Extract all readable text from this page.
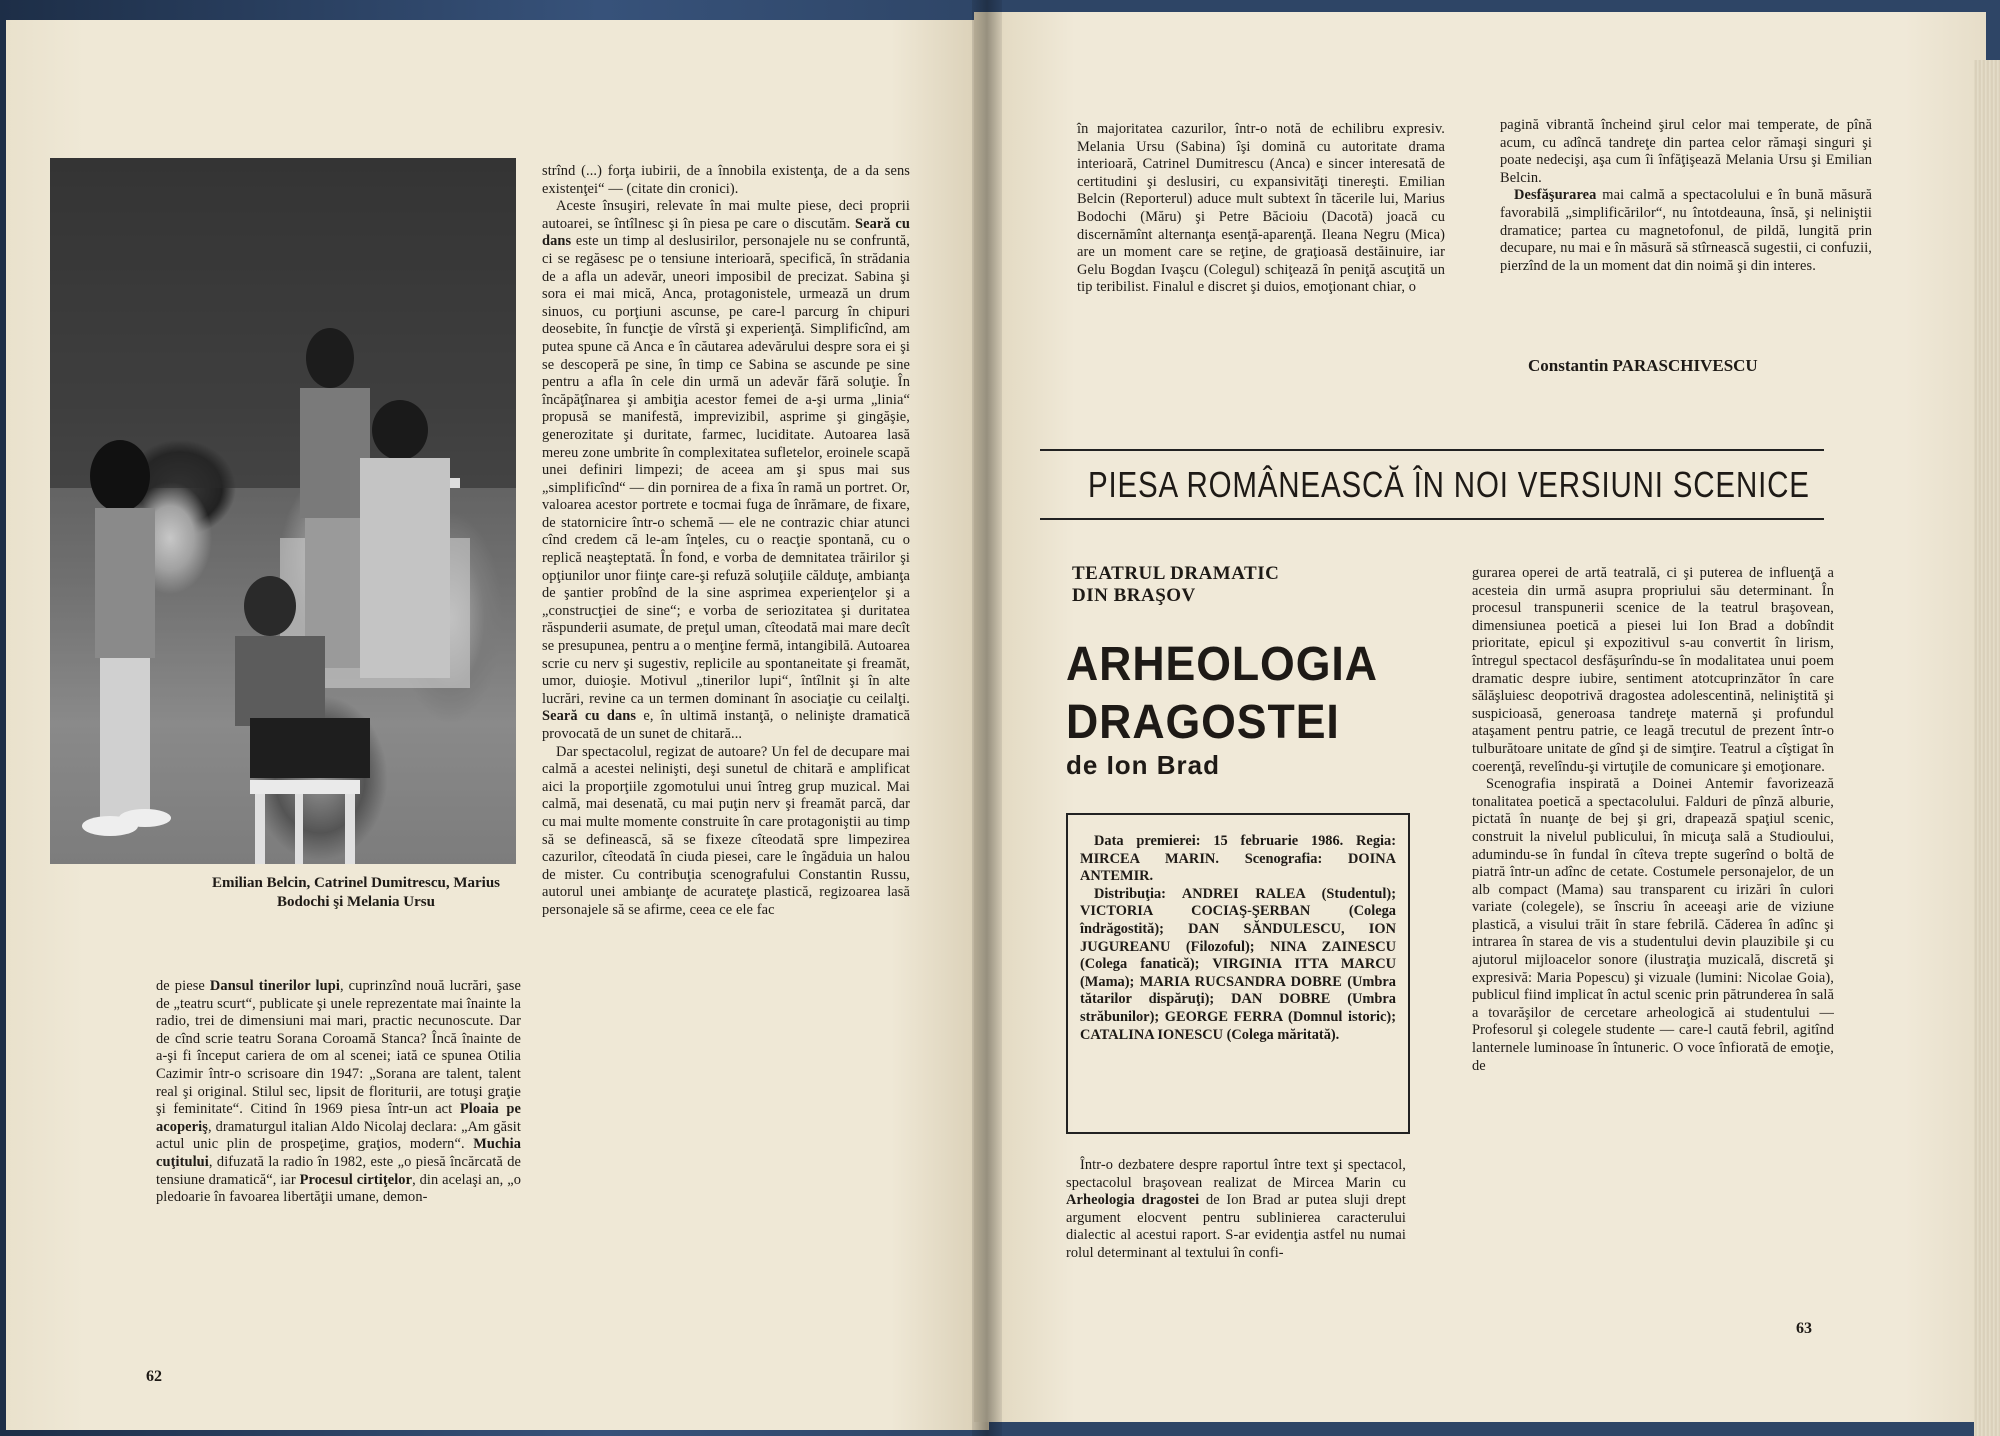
Emilian Belcin, Catrinel Dumitrescu, Marius Bodochi şi Melania Ursu

de piese Dansul tinerilor lupi, cuprinzînd nouă lucrări, şase de „teatru scurt“, publicate şi unele reprezentate mai înainte la radio, trei de dimensiuni mai mari, practic necunoscute. Dar de cînd scrie teatru Sorana Coroamă Stanca? Încă înainte de a-şi fi început cariera de om al scenei; iată ce spunea Otilia Cazimir într-o scrisoare din 1947: „Sorana are talent, talent real şi original. Stilul sec, lipsit de floriturii, are totuşi graţie şi feminitate“. Citind în 1969 piesa într-un act Ploaia pe acoperiş, dramaturgul italian Aldo Nicolaj declara: „Am găsit actul unic plin de prospeţime, graţios, modern“. Muchia cuţitului, difuzată la radio în 1982, este „o piesă încărcată de tensiune dramatică“, iar Procesul cirtiţelor, din acelaşi an, „o pledoarie în favoarea libertăţii umane, demon-

strînd (...) forţa iubirii, de a înnobila existenţa, de a da sens existenţei“ — (citate din cronici).

Aceste însuşiri, relevate în mai multe piese, deci proprii autoarei, se întîlnesc şi în piesa pe care o discutăm. Seară cu dans este un timp al deslusirilor, personajele nu se confruntă, ci se regăsesc pe o tensiune interioară, specifică, în strădania de a afla un adevăr, uneori imposibil de precizat. Sabina şi sora ei mai mică, Anca, protagonistele, urmează un drum sinuos, cu porţiuni ascunse, pe care-l parcurg în chipuri deosebite, în funcţie de vîrstă şi experienţă. Simplificînd, am putea spune că Anca e în căutarea adevărului despre sora ei şi se descoperă pe sine, în timp ce Sabina se ascunde pe sine pentru a afla în cele din urmă un adevăr fără soluţie. În încăpăţînarea şi ambiţia acestor femei de a-şi urma „linia“ propusă se manifestă, imprevizibil, asprime şi gingăşie, generozitate şi duritate, farmec, luciditate. Autoarea lasă mereu zone umbrite în complexitatea sufletelor, eroinele scapă unei definiri limpezi; de aceea am şi spus mai sus „simplificînd“ — din pornirea de a fixa în ramă un portret. Or, valoarea acestor portrete e tocmai fuga de înrămare, de fixare, de statornicire într-o schemă — ele ne contrazic chiar atunci cînd credem că le-am înţeles, cu o reacţie spontană, cu o replică neaşteptată. În fond, e vorba de demnitatea trăirilor şi opţiunilor unor fiinţe care-şi refuză soluţiile călduţe, ambianţa de şantier probînd de la sine asprimea experienţelor şi a „construcţiei de sine“; e vorba de seriozitatea şi duritatea răspunderii asumate, de preţul uman, cîteodată mai mare decît se presupunea, pentru a o menţine fermă, intangibilă. Autoarea scrie cu nerv şi sugestiv, replicile au spontaneitate şi freamăt, umor, duioşie. Motivul „tinerilor lupi“, întîlnit şi în alte lucrări, revine ca un termen dominant în asociaţie cu ceilalţi. Seară cu dans e, în ultimă instanţă, o nelinişte dramatică provocată de un sunet de chitară...

Dar spectacolul, regizat de autoare? Un fel de decupare mai calmă a acestei nelinişti, deşi sunetul de chitară e amplificat aici la proporţiile zgomotului unui întreg grup muzical. Mai calmă, mai desenată, cu mai puţin nerv şi freamăt parcă, dar cu mai multe momente construite în care protagoniştii au timp să se definească, să se fixeze cîteodată spre limpezirea cazurilor, cîteodată în ciuda piesei, care le îngăduia un halou de mister. Cu contribuţia scenografului Constantin Russu, autorul unei ambianţe de acurateţe plastică, regizoarea lasă personajele să se afirme, ceea ce ele fac

62

în majoritatea cazurilor, într-o notă de echilibru expresiv. Melania Ursu (Sabina) îşi domină cu autoritate drama interioară, Catrinel Dumitrescu (Anca) e sincer interesată de certitudini şi deslusiri, cu expansivităţi tinereşti. Emilian Belcin (Reporterul) aduce mult subtext în tăcerile lui, Marius Bodochi (Măru) şi Petre Băcioiu (Dacotă) joacă cu discernămînt alternanţa esenţă-aparenţă. Ileana Negru (Mica) are un moment care se reţine, de graţioasă destăinuire, iar Gelu Bogdan Ivaşcu (Colegul) schiţează în peniţă ascuţită un tip teribilist. Finalul e discret şi duios, emoţionant chiar, o

pagină vibrantă încheind şirul celor mai temperate, de pînă acum, cu adîncă tandreţe din partea celor rămaşi singuri şi poate nedecişi, aşa cum îi înfăţişează Melania Ursu şi Emilian Belcin.

Desfăşurarea mai calmă a spectacolului e în bună măsură favorabilă „simplificărilor“, nu întotdeauna, însă, şi neliniştii dramatice; partea cu magnetofonul, de pildă, lungită prin decupare, nu mai e în măsură să stîrnească sugestii, ci confuzii, pierzînd de la un moment dat din noimă şi din interes.

Constantin PARASCHIVESCU
PIESA ROMÂNEASCĂ ÎN NOI VERSIUNI SCENICE
TEATRUL DRAMATIC
DIN BRAŞOV
ARHEOLOGIA
DRAGOSTEI
de Ion Brad

Data premierei: 15 februarie 1986. Regia: MIRCEA MARIN. Scenografia: DOINA ANTEMIR.

Distribuţia: ANDREI RALEA (Studentul); VICTORIA COCIAŞ-ŞERBAN (Colega îndrăgostită); DAN SĂNDULESCU, ION JUGUREANU (Filozoful); NINA ZAINESCU (Colega fanatică); VIRGINIA ITTA MARCU (Mama); MARIA RUCSANDRA DOBRE (Umbra tătarilor dispăruţi); DAN DOBRE (Umbra străbunilor); GEORGE FERRA (Domnul istoric); CATALINA IONESCU (Colega măritată).

Într-o dezbatere despre raportul între text şi spectacol, spectacolul braşovean realizat de Mircea Marin cu Arheologia dragostei de Ion Brad ar putea sluji drept argument elocvent pentru sublinierea caracterului dialectic al acestui raport. S-ar evidenţia astfel nu numai rolul determinant al textului în confi-

gurarea operei de artă teatrală, ci şi puterea de influenţă a acesteia din urmă asupra propriului său determinant. În procesul transpunerii scenice de la teatrul braşovean, dimensiunea poetică a piesei lui Ion Brad a dobîndit prioritate, epicul şi expozitivul s-au convertit în lirism, întregul spectacol desfăşurîndu-se în modalitatea unui poem dramatic despre iubire, sentiment atotcuprinzător în care sălăşluiesc deopotrivă dragostea adolescentină, neliniştită şi suspicioasă, generoasa tandreţe maternă şi profundul ataşament pentru patrie, ce leagă trecutul de prezent într-o tulburătoare unitate de gînd şi de simţire. Teatrul a cîştigat în coerenţă, revelîndu-şi virtuţile de comunicare şi emoţionare.

Scenografia inspirată a Doinei Antemir favorizează tonalitatea poetică a spectacolului. Falduri de pînză alburie, pictată în nuanţe de bej şi gri, drapează spaţiul scenic, construit la nivelul publicului, în micuţa sală a Studioului, adumindu-se în fundal în cîteva trepte sugerînd o boltă de piatră într-un adînc de cetate. Costumele personajelor, de un alb compact (Mama) sau transparent cu irizări în culori variate (colegele), se înscriu în aceeaşi arie de viziune plastică, a visului trăit în stare febrilă. Căderea în adînc şi intrarea în starea de vis a studentului devin plauzibile şi cu ajutorul mijloacelor sonore (ilustraţia muzicală, discretă şi expresivă: Maria Popescu) şi vizuale (lumini: Nicolae Goia), publicul fiind implicat în actul scenic prin pătrunderea în sală a tovarăşilor de cercetare arheologică ai studentului — Profesorul şi colegele studente — care-l caută febril, agitînd lanternele luminoase în întuneric. O voce înfiorată de emoţie, de

63
